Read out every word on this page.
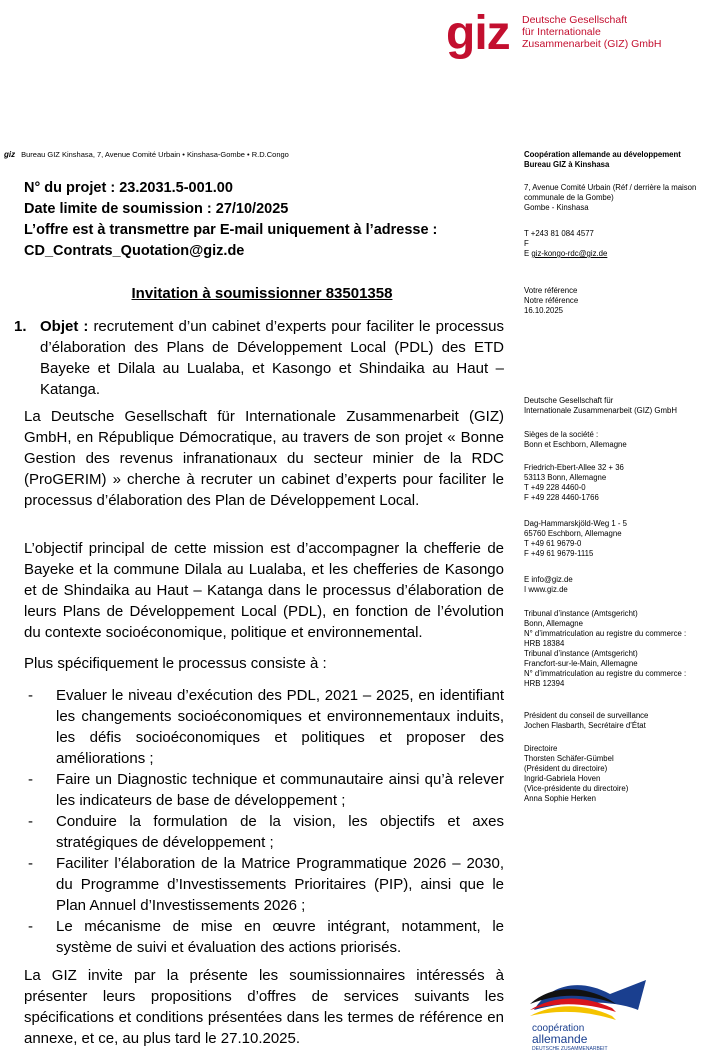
giz Deutsche Gesellschaft
für Internationale
Zusammenarbeit (GIZ) GmbH
giz Bureau GIZ Kinshasa, 7, Avenue Comité Urbain • Kinshasa-Gombe • R.D.Congo	Coopération allemande au développement
Bureau GIZ à Kinshasa
7, Avenue Comité Urbain (Réf / derrière la maison
communale de la Gombe)
Gombe - Kinshasa
T +243 81 084 4577
F
E giz-kongo-rdc@giz.de
Votre référence
Notre référence
16.10.2025
Deutsche Gesellschaft für
Internationale Zusammenarbeit (GIZ) GmbH
Sièges de la société :
Bonn et Eschborn, Allemagne
Friedrich-Ebert-Allee 32 + 36
53113 Bonn, Allemagne
T +49 228 4460-0
F +49 228 4460-1766
Dag-Hammarskjöld-Weg 1 - 5
65760 Eschborn, Allemagne
T +49 61 9679-0
F +49 61 9679-1115
E info@giz.de
I www.giz.de
Tribunal d’instance (Amtsgericht)
Bonn, Allemagne
N° d’immatriculation au registre du commerce :
HRB 18384
Tribunal d’instance (Amtsgericht)
Francfort-sur-le-Main, Allemagne
N° d’immatriculation au registre du commerce :
HRB 12394
Président du conseil de surveillance
Jochen Flasbarth, Secrétaire d’État
Directoire
Thorsten Schäfer-Gümbel
(Président du directoire)
Ingrid-Gabriela Hoven
(Vice-présidente du directoire)
Anna Sophie Herken
N° du projet : 23.2031.5-001.00
Date limite de soumission : 27/10/2025
L’offre est à transmettre par E-mail uniquement à l’adresse :
CD_Contrats_Quotation@giz.de
Invitation à soumissionner 83501358
1. Objet : recrutement d’un cabinet d’experts pour faciliter le processus d’élaboration des Plans de Développement Local (PDL) des ETD Bayeke et Dilala au Lualaba, et Kasongo et Shindaika au Haut – Katanga.
La Deutsche Gesellschaft für Internationale Zusammenarbeit (GIZ) GmbH, en République Démocratique, au travers de son projet « Bonne Gestion des revenus infranationaux du secteur minier de la RDC (ProGERIM) » cherche à recruter un cabinet d’experts pour faciliter le processus d’élaboration des Plan de Développement Local.
L’objectif principal de cette mission est d’accompagner la chefferie de Bayeke et la commune Dilala au Lualaba, et les chefferies de Kasongo et de Shindaika au Haut – Katanga dans le processus d’élaboration de leurs Plans de Développement Local (PDL), en fonction de l’évolution du contexte socioéconomique, politique et environnemental.
Plus spécifiquement le processus consiste à :
- Evaluer le niveau d’exécution des PDL, 2021 – 2025, en identifiant les changements socioéconomiques et environnementaux induits, les défis socioéconomiques et politiques et proposer des améliorations ;
- Faire un Diagnostic technique et communautaire ainsi qu’à relever les indicateurs de base de développement ;
- Conduire la formulation de la vision, les objectifs et axes stratégiques de développement ;
- Faciliter l’élaboration de la Matrice Programmatique 2026 – 2030, du Programme d’Investissements Prioritaires (PIP), ainsi que le Plan Annuel d’Investissements 2026 ;
- Le mécanisme de mise en œuvre intégrant, notamment, le système de suivi et évaluation des actions priorisés.
La GIZ invite par la présente les soumissionnaires intéressés à présenter leurs propositions d’offres de services suivants les spécifications et conditions présentées dans les termes de référence en annexe, et ce, au plus tard le 27.10.2025.
coopération
allemande
DEUTSCHE ZUSAMMENARBEIT
